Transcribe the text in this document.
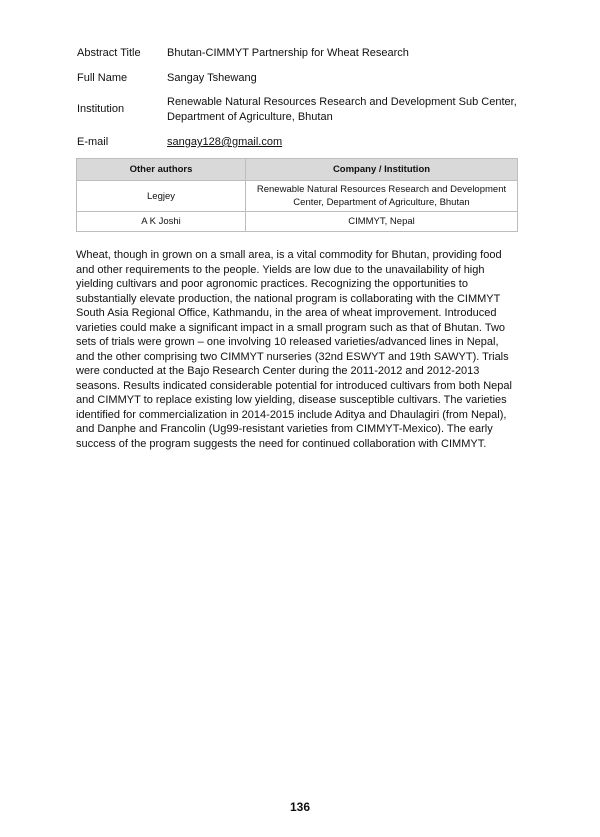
Abstract Title	Bhutan-CIMMYT Partnership for Wheat Research
Full Name	Sangay Tshewang
Institution
Renewable Natural Resources Research and Development Sub Center,
Department of Agriculture, Bhutan
E-mail	sangay128@gmail.com
Other authors	Company / Institution
Legjey	Renewable Natural Resources Research and Development
Center, Department of Agriculture, Bhutan

A K Joshi	CIMMYT, Nepal
Wheat, though in grown on a small area, is a vital commodity for Bhutan, providing food
and other requirements to the people. Yields are low due to the unavailability of high
yielding cultivars and poor agronomic practices. Recognizing the opportunities to
substantially elevate production, the national program is collaborating with the CIMMYT
South Asia Regional Office, Kathmandu, in the area of wheat improvement. Introduced
varieties could make a significant impact in a small program such as that of Bhutan. Two
sets of trials were grown – one involving 10 released varieties/advanced lines in Nepal,
and the other comprising two CIMMYT nurseries (32nd ESWYT and 19th SAWYT). Trials
were conducted at the Bajo Research Center during the 2011-2012 and 2012-2013
seasons. Results indicated considerable potential for introduced cultivars from both Nepal
and CIMMYT to replace existing low yielding, disease susceptible cultivars. The varieties
identified for commercialization in 2014-2015 include Aditya and Dhaulagiri (from Nepal),
and Danphe and Francolin (Ug99-resistant varieties from CIMMYT-Mexico). The early
success of the program suggests the need for continued collaboration with CIMMYT.
136
